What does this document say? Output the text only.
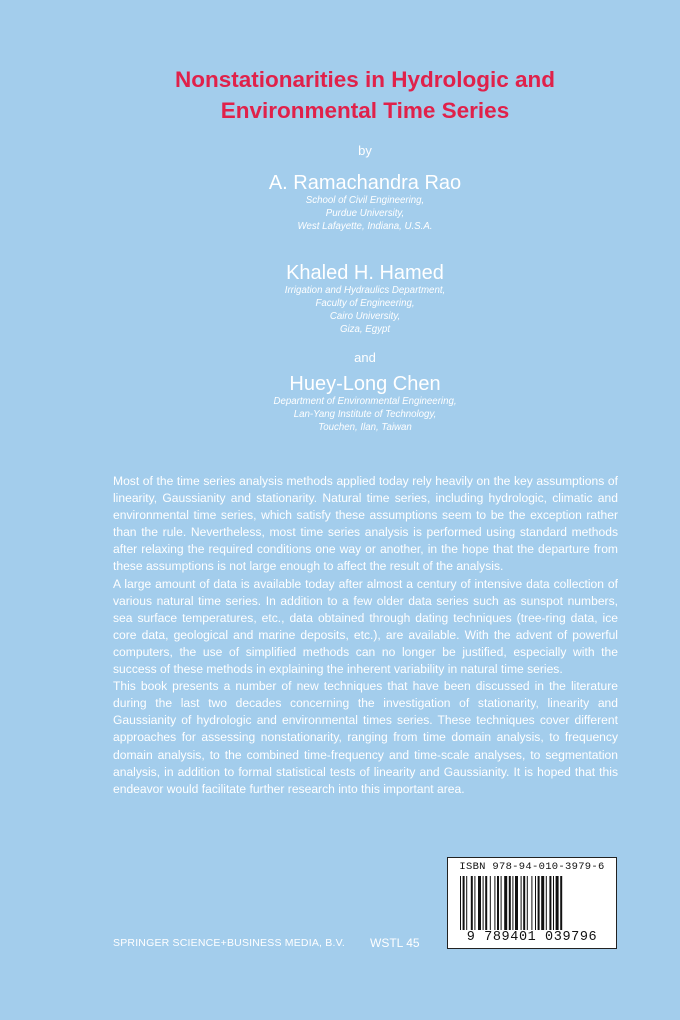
Nonstationarities in Hydrologic and
Environmental Time Series
by
A. Ramachandra Rao
School of Civil Engineering,
Purdue University,
West Lafayette, Indiana, U.S.A.
Khaled H. Hamed
Irrigation and Hydraulics Department,
Faculty of Engineering,
Cairo University,
Giza, Egypt
and
Huey-Long Chen
Department of Environmental Engineering,
Lan-Yang Institute of Technology,
Touchen, Ilan, Taiwan

Most of the time series analysis methods applied today rely heavily on the key assumptions of linearity, Gaussianity and stationarity. Natural time series, including hydrologic, climatic and environmental time series, which satisfy these assumptions seem to be the exception rather than the rule. Nevertheless, most time series analysis is performed using standard methods after relaxing the required conditions one way or another, in the hope that the departure from these assumptions is not large enough to affect the result of the analysis.

A large amount of data is available today after almost a century of intensive data collection of various natural time series. In addition to a few older data series such as sunspot numbers, sea surface temperatures, etc., data obtained through dating techniques (tree-ring data, ice core data, geological and marine deposits, etc.), are available. With the advent of powerful computers, the use of simplified methods can no longer be justified, especially with the success of these methods in explaining the inherent variability in natural time series.

This book presents a number of new techniques that have been discussed in the literature during the last two decades concerning the investigation of stationarity, linearity and Gaussianity of hydrologic and environmental times series. These techniques cover different approaches for assessing nonstationarity, ranging from time domain analysis, to frequency domain analysis, to the combined time-frequency and time-scale analyses, to segmentation analysis, in addition to formal statistical tests of linearity and Gaussianity. It is hoped that this endeavor would facilitate further research into this important area.

ISBN 978-94-010-3979-6
9 789401 039796
SPRINGER SCIENCE+BUSINESS MEDIA, B.V. WSTL 45
